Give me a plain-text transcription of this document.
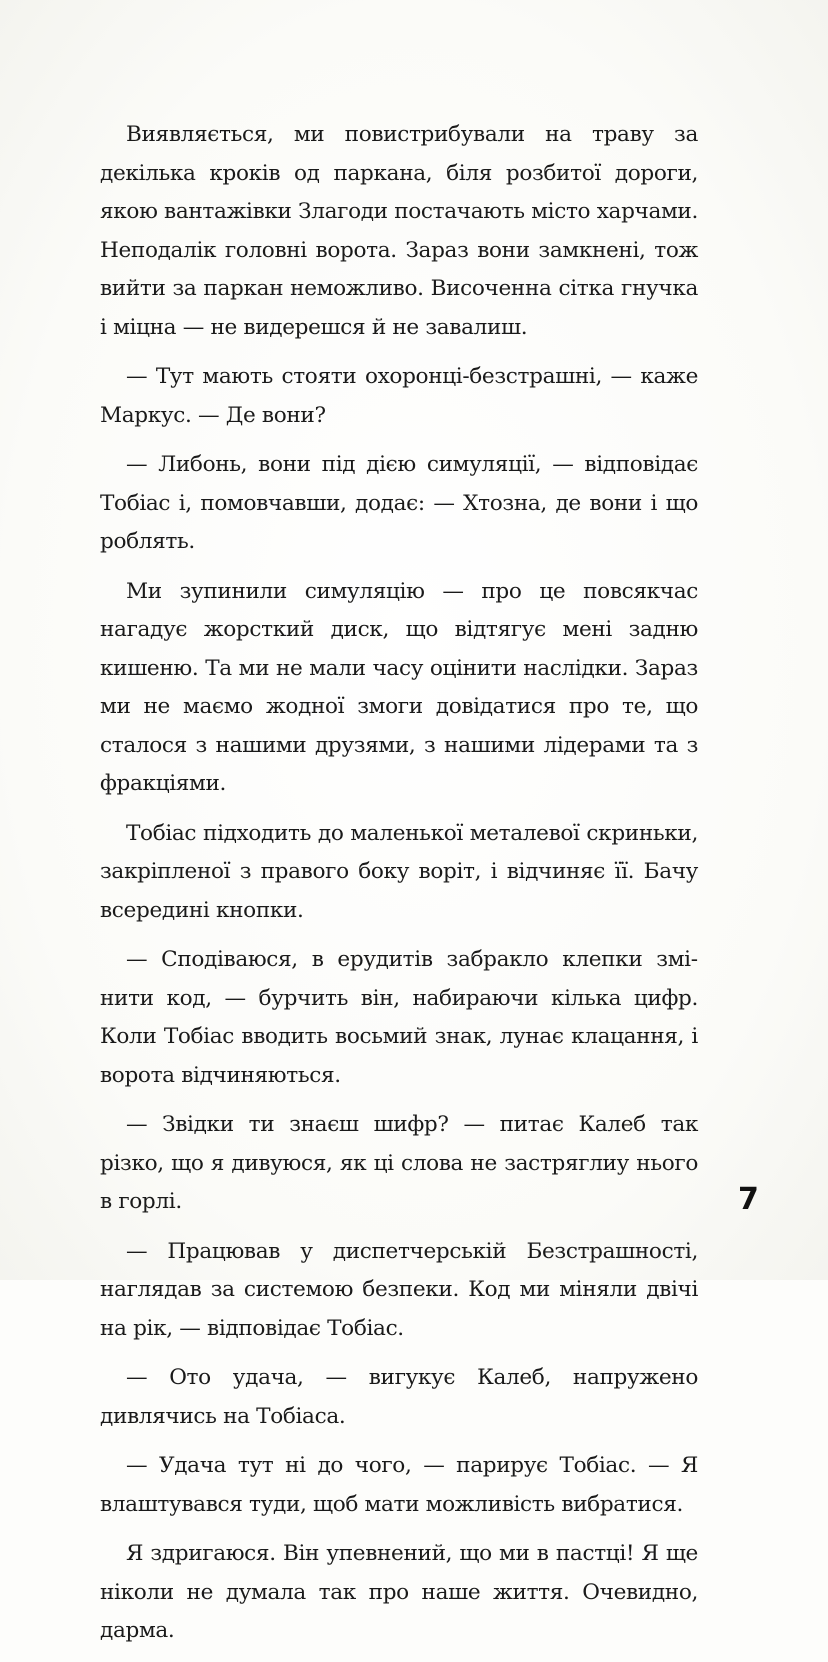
Виявляється, ми повистрибували на траву за декілька кроків од паркана, біля розбитої дороги, якою вантажівки Злагоди постачають місто харчами. Неподалік головні ворота. Зараз вони замкнені, тож вийти за паркан неможливо. Височенна сітка гнучка і міцна — не видерешся й не завалиш.

— Тут мають стояти охоронці-безстрашні, — каже Маркус. — Де вони?

— Либонь, вони під дією симуляції, — відповідає Тобіас і, помовчавши, додає: — Хтозна, де вони і що роблять.

Ми зупинили симуляцію — про це повсякчас нагадує жорсткий диск, що відтягує мені задню кишеню. Та ми не мали часу оцінити наслідки. Зараз ми не маємо жодної змоги довідатися про те, що сталося з нашими друзями, з нашими лідерами та з фракціями.

Тобіас підходить до маленької металевої скриньки, закріпленої з правого боку воріт, і відчиняє її. Бачу всередині кнопки.

— Сподіваюся, в ерудитів забракло клепки змінити код, — бурчить він, набираючи кілька цифр. Коли Тобіас вводить восьмий знак, лунає клацання, і ворота відчиняються.

— Звідки ти знаєш шифр? — питає Калеб так різко, що я дивуюся, як ці слова не застряглиу нього в горлі.

— Працював у диспетчерській Безстрашності, наглядав за системою безпеки. Код ми міняли двічі на рік, — відповідає Тобіас.

— Ото удача, — вигукує Калеб, напружено дивлячись на Тобіаса.

— Удача тут ні до чого, — парирує Тобіас. — Я влаштувався туди, щоб мати можливість вибратися.

Я здригаюся. Він упевнений, що ми в пастці! Я ще ніколи не думала так про наше життя. Очевидно, дарма.

7
